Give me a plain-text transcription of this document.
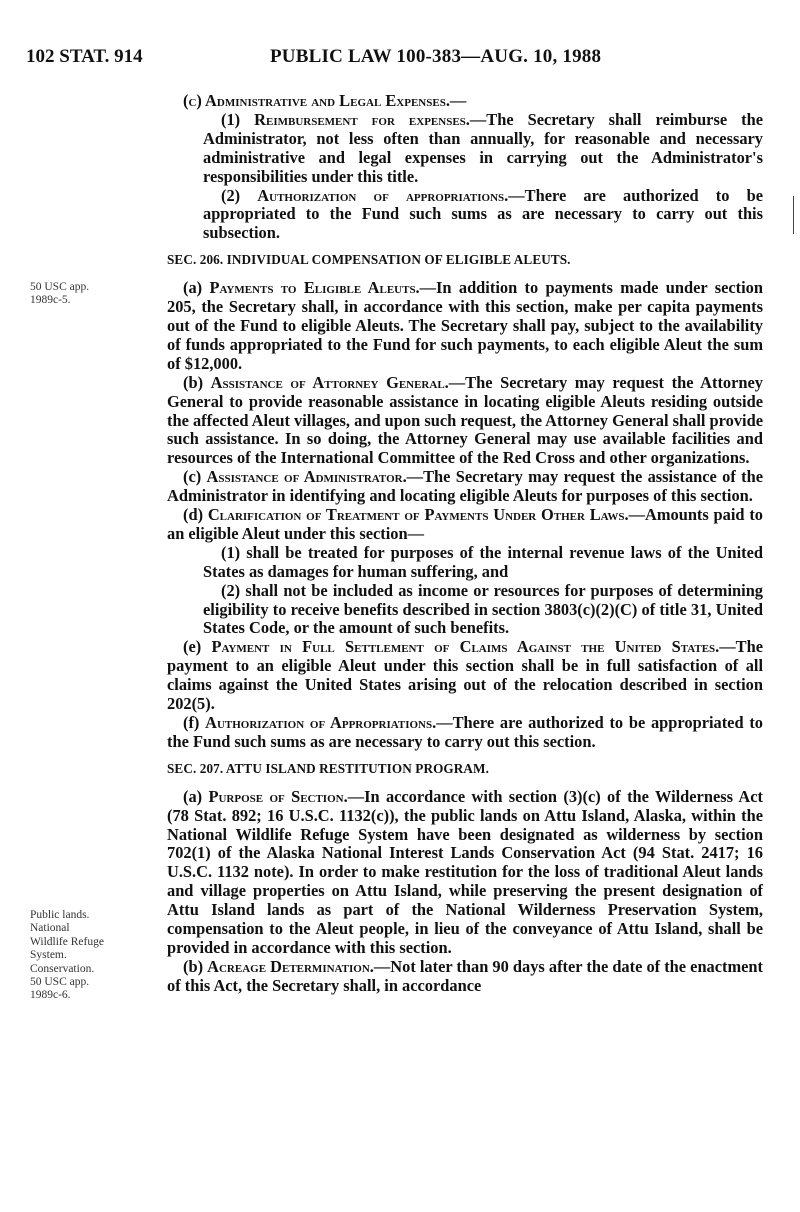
102 STAT. 914	PUBLIC LAW 100-383—AUG. 10, 1988
50 USC app.
1989c-5.
Public lands.
National
Wildlife Refuge
System.
Conservation.
50 USC app.
1989c-6.

(c) Administrative and Legal Expenses.—

(1) Reimbursement for expenses.—The Secretary shall reimburse the Administrator, not less often than annually, for reasonable and necessary administrative and legal expenses in carrying out the Administrator's responsibilities under this title.

(2) Authorization of appropriations.—There are authorized to be appropriated to the Fund such sums as are necessary to carry out this subsection.

SEC. 206. INDIVIDUAL COMPENSATION OF ELIGIBLE ALEUTS.

(a) Payments to Eligible Aleuts.—In addition to payments made under section 205, the Secretary shall, in accordance with this section, make per capita payments out of the Fund to eligible Aleuts. The Secretary shall pay, subject to the availability of funds appropriated to the Fund for such payments, to each eligible Aleut the sum of $12,000.

(b) Assistance of Attorney General.—The Secretary may request the Attorney General to provide reasonable assistance in locating eligible Aleuts residing outside the affected Aleut villages, and upon such request, the Attorney General shall provide such assistance. In so doing, the Attorney General may use available facilities and resources of the International Committee of the Red Cross and other organizations.

(c) Assistance of Administrator.—The Secretary may request the assistance of the Administrator in identifying and locating eligible Aleuts for purposes of this section.

(d) Clarification of Treatment of Payments Under Other Laws.—Amounts paid to an eligible Aleut under this section—

(1) shall be treated for purposes of the internal revenue laws of the United States as damages for human suffering, and

(2) shall not be included as income or resources for purposes of determining eligibility to receive benefits described in section 3803(c)(2)(C) of title 31, United States Code, or the amount of such benefits.

(e) Payment in Full Settlement of Claims Against the United States.—The payment to an eligible Aleut under this section shall be in full satisfaction of all claims against the United States arising out of the relocation described in section 202(5).

(f) Authorization of Appropriations.—There are authorized to be appropriated to the Fund such sums as are necessary to carry out this section.

SEC. 207. ATTU ISLAND RESTITUTION PROGRAM.

(a) Purpose of Section.—In accordance with section (3)(c) of the Wilderness Act (78 Stat. 892; 16 U.S.C. 1132(c)), the public lands on Attu Island, Alaska, within the National Wildlife Refuge System have been designated as wilderness by section 702(1) of the Alaska National Interest Lands Conservation Act (94 Stat. 2417; 16 U.S.C. 1132 note). In order to make restitution for the loss of traditional Aleut lands and village properties on Attu Island, while preserving the present designation of Attu Island lands as part of the National Wilderness Preservation System, compensation to the Aleut people, in lieu of the conveyance of Attu Island, shall be provided in accordance with this section.

(b) Acreage Determination.—Not later than 90 days after the date of the enactment of this Act, the Secretary shall, in accordance
